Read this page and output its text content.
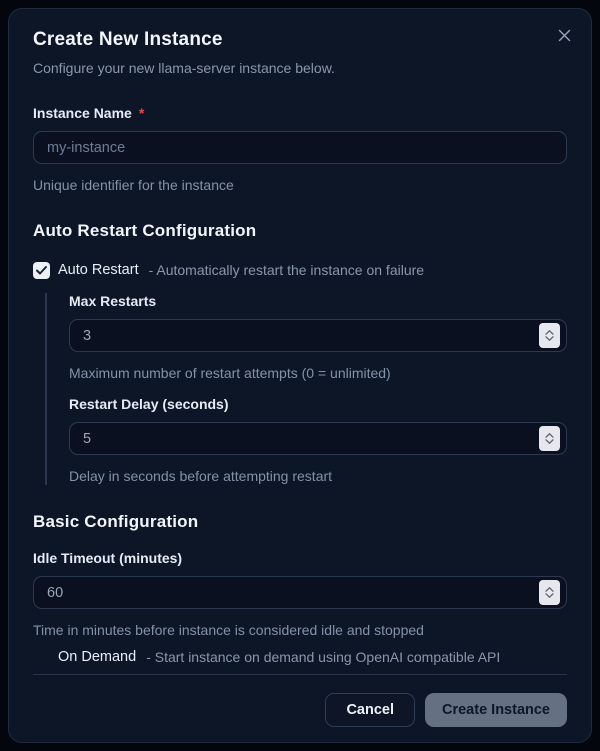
Create New Instance
Configure your new llama-server instance below.
Instance Name *
my-instance
Unique identifier for the instance
Auto Restart Configuration
Auto Restart - Automatically restart the instance on failure
Max Restarts
3
Maximum number of restart attempts (0 = unlimited)
Restart Delay (seconds)
5
Delay in seconds before attempting restart
Basic Configuration
Idle Timeout (minutes)
60
Time in minutes before instance is considered idle and stopped
On Demand - Start instance on demand using OpenAI compatible API
Cancel	Create Instance
